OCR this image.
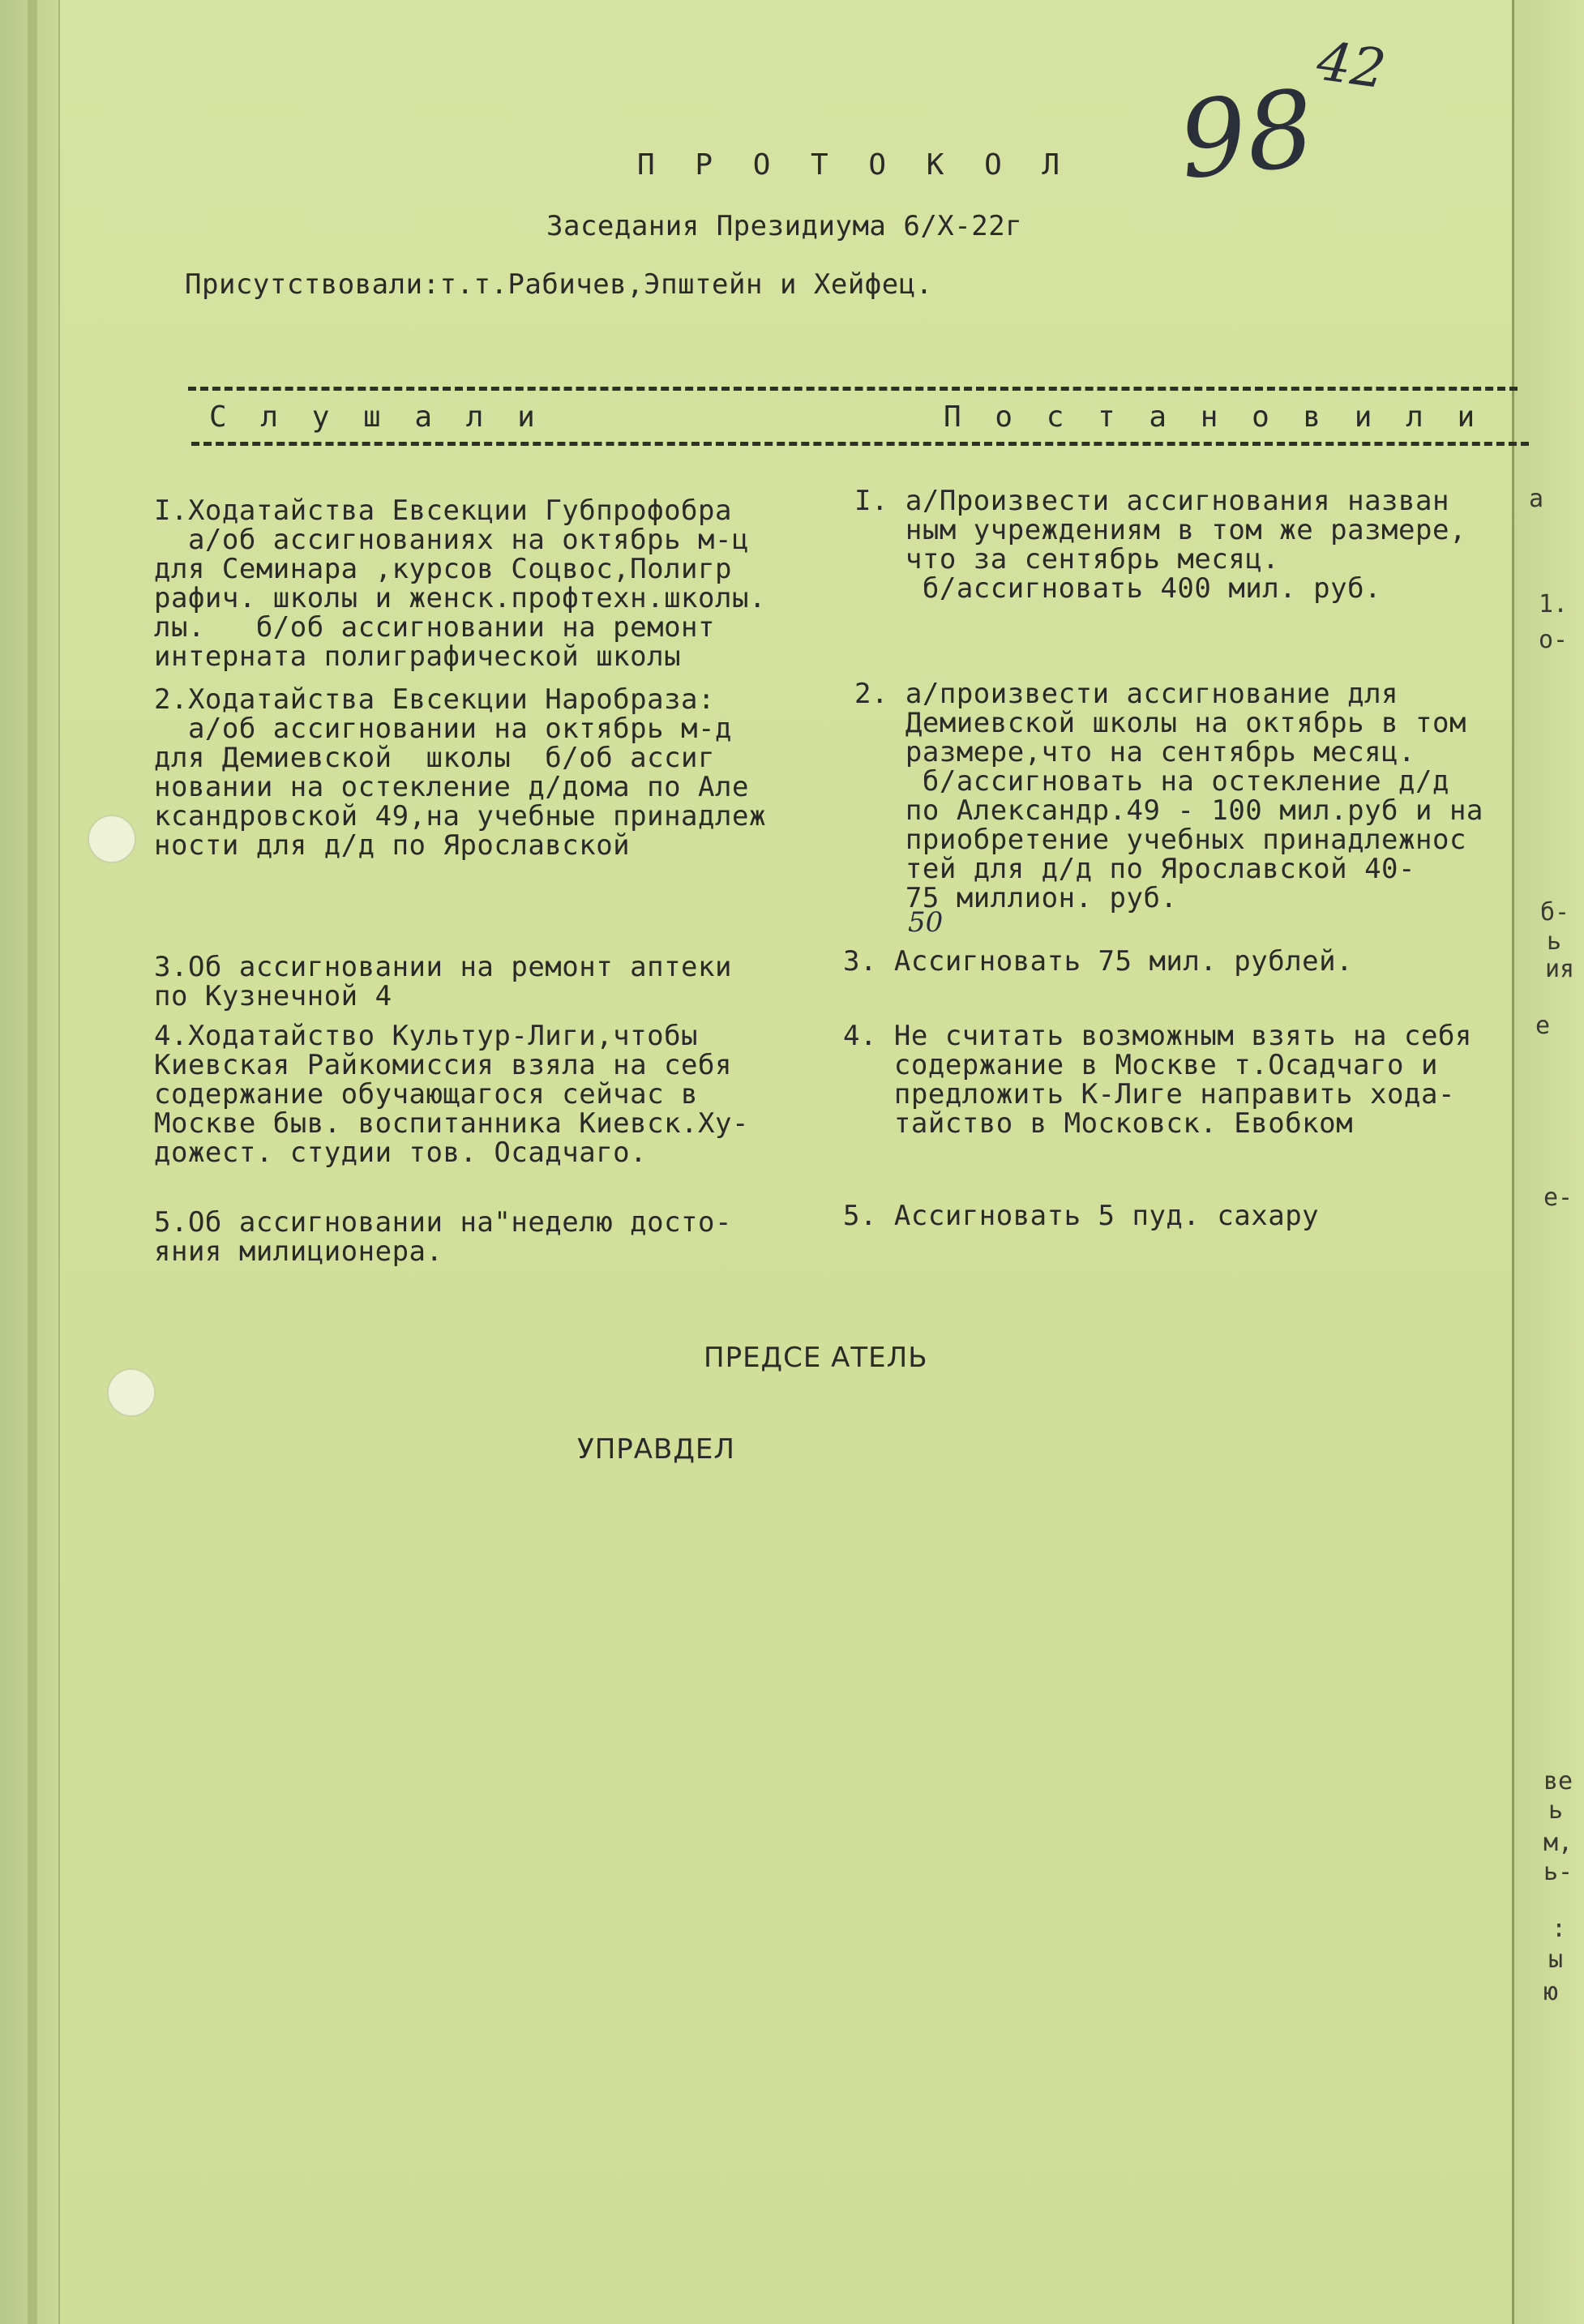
98
42
П Р О Т О К О Л
Заседания Президиума 6/Х-22г
Присутствовали:т.т.Рабичев,Эпштейн и Хейфец.
С л у ш а л и	П о с т а н о в и л и
I.Ходатайства Евсекции Губпрофобра
а/об ассигнованиях на октябрь м-ц
для Семинара ,курсов Соцвос,Полигр
рафич. школы и женск.профтехн.школы.
лы.   б/об ассигновании на ремонт
интерната полиграфической школы
I. а/Произвести ассигнования назван
ным учреждениям в том же размере,
что за сентябрь месяц.
б/ассигновать 400 мил. руб.
2.Ходатайства Евсекции Наробраза:
а/об ассигновании на октябрь м-д
для Демиевской  школы  б/об ассиг
новании на остекление д/дома по Але
ксандровской 49,на учебные принадлеж
ности для д/д по Ярославской
2. а/произвести ассигнование для
Демиевской школы на октябрь в том
размере,что на сентябрь месяц.
б/ассигновать на остекление д/д
по Александр.49 - 100 мил.руб и на
приобретение учебных принадлежнос
тей для д/д по Ярославской 40-
75 миллион. руб.
50
3.Об ассигновании на ремонт аптеки
по Кузнечной 4
3. Ассигновать 75 мил. рублей.
4.Ходатайство Культур-Лиги,чтобы
Киевская Райкомиссия взяла на себя
содержание обучающагося сейчас в
Москве быв. воспитанника Киевск.Ху-
дожест. студии тов. Осадчаго.
4. Не считать возможным взять на себя
содержание в Москве т.Осадчаго и
предложить К-Лиге направить хода-
тайство в Московск. Евобком
5.Об ассигновании на"неделю досто-
яния милиционера.
5. Ассигновать 5 пуд. сахару
ПРЕДСЕ АТЕЛЬ
УПРАВДЕЛ
а
1.
о-
б-
ь
ия
е
е-
ве
ь
м,
ь-
:
ы
ю
